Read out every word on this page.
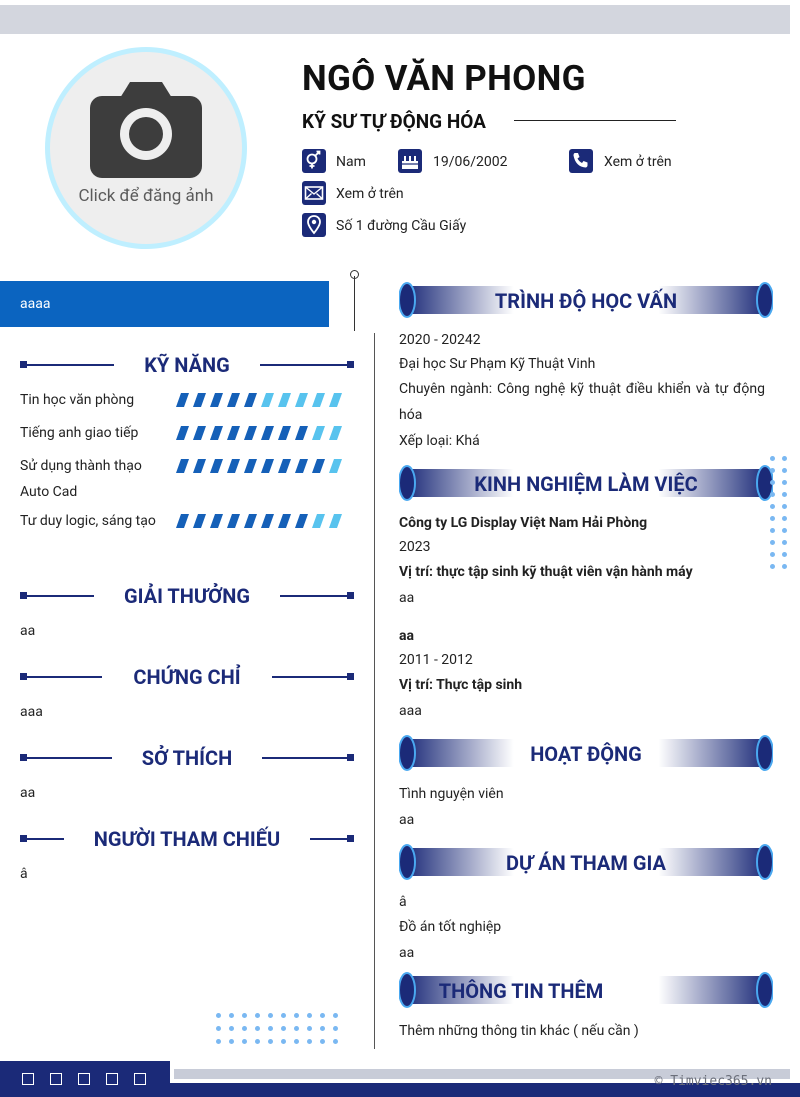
Click để đăng ảnh
NGÔ VĂN PHONG
KỸ SƯ TỰ ĐỘNG HÓA
Nam	19/06/2002	Xem ở trên
Xem ở trên
Số 1 đường Cầu Giấy
aaaa
KỸ NĂNG
Tin học văn phòng
Tiếng anh giao tiếp
Sử dụng thành thạo Auto Cad
Tư duy logic, sáng tạo
GIẢI THƯỞNG
aa
CHỨNG CHỈ
aaa
SỞ THÍCH
aa
NGƯỜI THAM CHIẾU
â
TRÌNH ĐỘ HỌC VẤN
2020 - 20242
Đại học Sư Phạm Kỹ Thuật Vinh
Chuyên ngành: Công nghệ kỹ thuật điều khiển và tự động hóa
Xếp loại: Khá
KINH NGHIỆM LÀM VIỆC
Công ty LG Display Việt Nam Hải Phòng
2023
Vị trí: thực tập sinh kỹ thuật viên vận hành máy
aa
aa
2011 - 2012
Vị trí: Thực tập sinh
aaa
HOẠT ĐỘNG
Tình nguyện viên
aa
DỰ ÁN THAM GIA
â
Đồ án tốt nghiệp
aa
THÔNG TIN THÊM
Thêm những thông tin khác ( nếu cần )
© Timviec365.vn
